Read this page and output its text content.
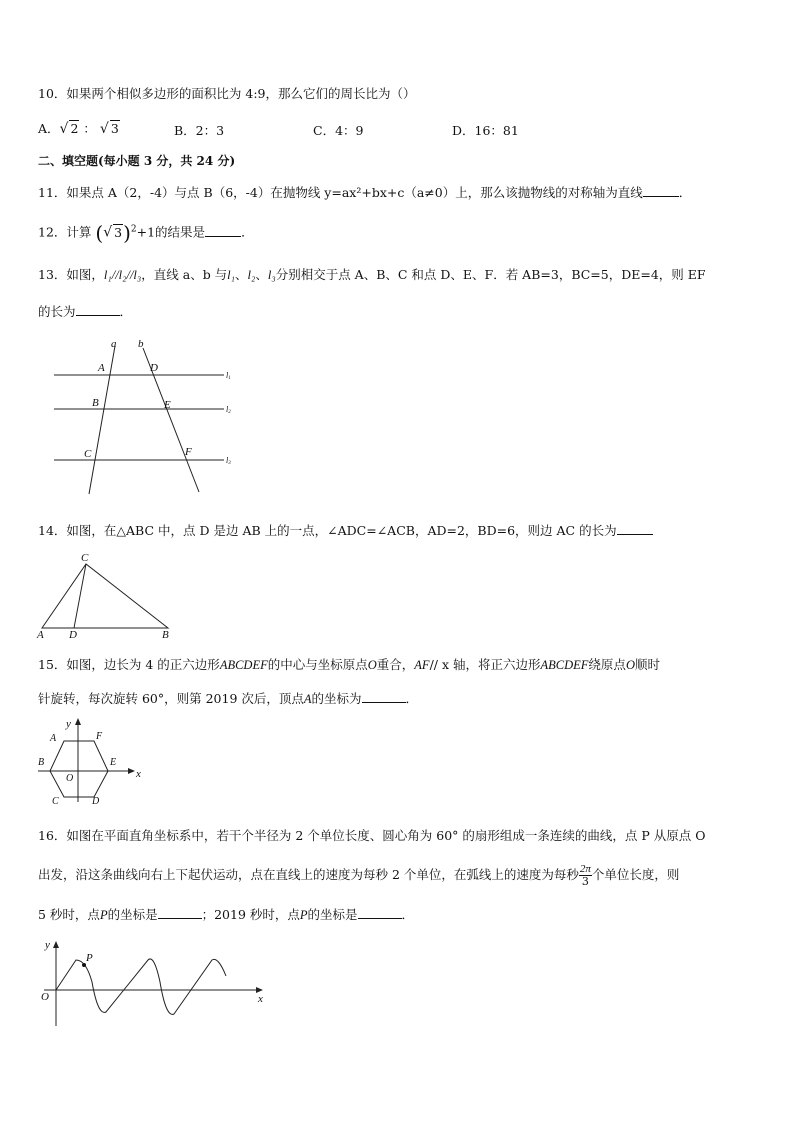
10．如果两个相似多边形的面积比为 4:9，那么它们的周长比为（）
A．√ 2 ： √ 3	B．2：3	C．4：9	D．16：81
二、填空题(每小题 3 分，共 24 分)
11．如果点 A（2，-4）与点 B（6，-4）在抛物线 y=ax²+bx+c（a≠0）上，那么该抛物线的对称轴为直线	．
12．计算 (√ 3)$^2$+1的结果是	．
13．如图，l₁//l₂//l₃，直线 a、b 与l₁、l₂、l₃分别相交于点 A、B、C 和点 D、E、F．若 AB=3，BC=5，DE=4，则 EF
的长为	．
a b
A	D
B	E
C	F
l1
l2
l3
14．如图，在△ABC 中，点 D 是边 AB 上的一点，∠ADC=∠ACB，AD=2，BD=6，则边 AC 的长为
C
A D	B
15．如图，边长为 4 的正六边形ABCDEF的中心与坐标原点O重合，AF// x 轴，将正六边形ABCDEF绕原点O顺时
针旋转，每次旋转 60°，则第 2019 次后，顶点A的坐标为	．
y
x
A	F
B	E
O
C	D
16．如图在平面直角坐标系中，若干个半径为 2 个单位长度、圆心角为 60° 的扇形组成一条连续的曲线，点 P 从原点 O
出发，沿这条曲线向右上下起伏运动，点在直线上的速度为每秒 2 个单位，在弧线上的速度为每秒 $\frac{2\pi}{3}$ 个单位长度，则
5 秒时，点P的坐标是	；2019 秒时，点P的坐标是	．
y
x
O
P
